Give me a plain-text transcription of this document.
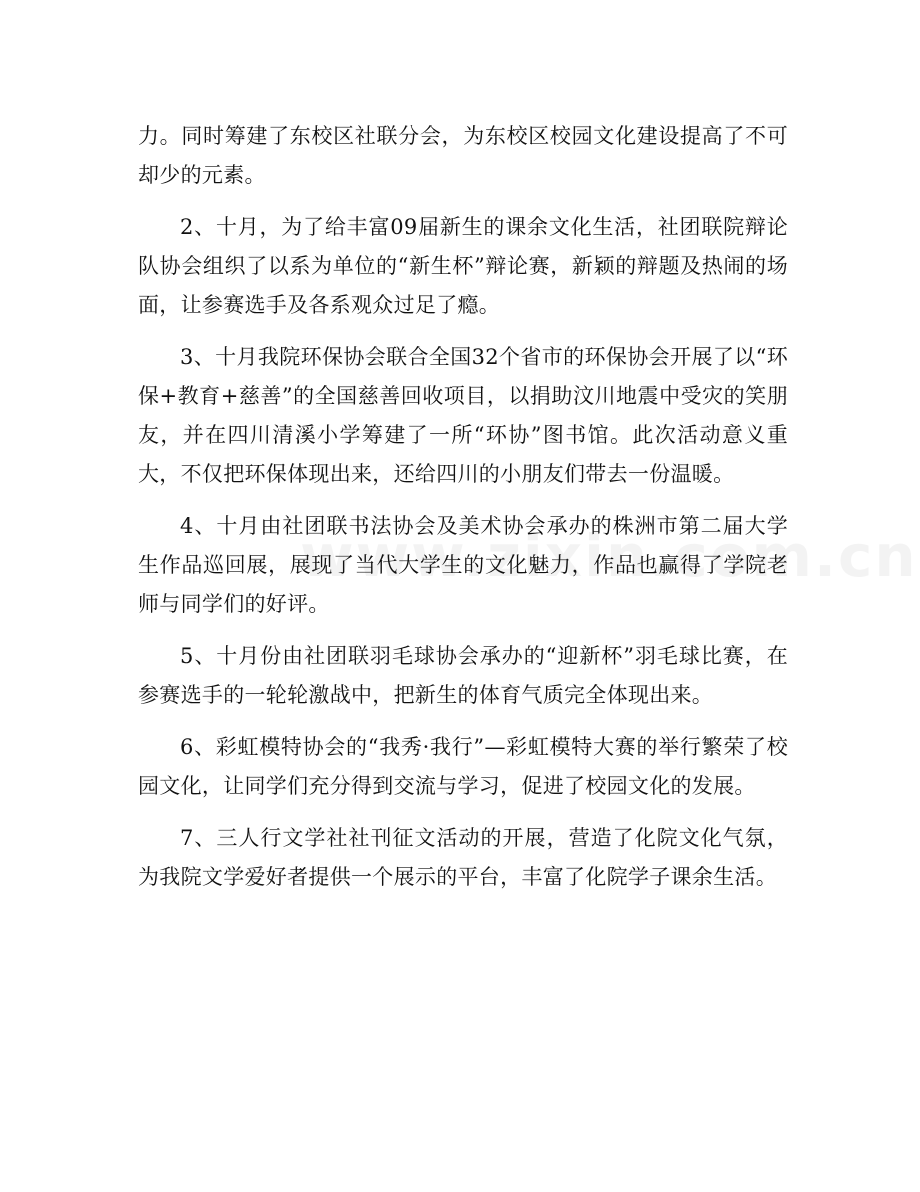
力。同时筹建了东校区社联分会，为东校区校园文化建设提高了不可却少的元素。

2、十月，为了给丰富09届新生的课余文化生活，社团联院辩论队协会组织了以系为单位的“新生杯”辩论赛，新颖的辩题及热闹的场面，让参赛选手及各系观众过足了瘾。

3、十月我院环保协会联合全国32个省市的环保协会开展了以“环保+教育+慈善”的全国慈善回收项目，以捐助汶川地震中受灾的笑朋友，并在四川清溪小学筹建了一所“环协”图书馆。此次活动意义重大，不仅把环保体现出来，还给四川的小朋友们带去一份温暖。

4、十月由社团联书法协会及美术协会承办的株洲市第二届大学生作品巡回展，展现了当代大学生的文化魅力，作品也赢得了学院老师与同学们的好评。

5、十月份由社团联羽毛球协会承办的“迎新杯”羽毛球比赛，在参赛选手的一轮轮激战中，把新生的体育气质完全体现出来。

6、彩虹模特协会的“我秀·我行”—彩虹模特大赛的举行繁荣了校园文化，让同学们充分得到交流与学习，促进了校园文化的发展。

7、三人行文学社社刊征文活动的开展，营造了化院文化气氛，为我院文学爱好者提供一个展示的平台，丰富了化院学子课余生活。
